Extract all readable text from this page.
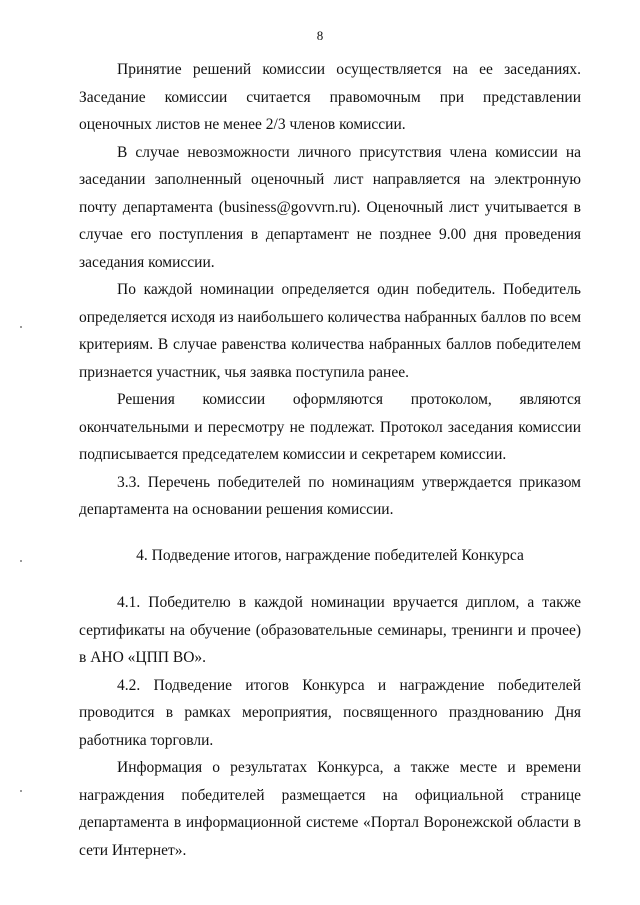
8

Принятие решений комиссии осуществляется на ее заседаниях. Заседание комиссии считается правомочным при представлении оценочных листов не менее 2/3 членов комиссии.

В случае невозможности личного присутствия члена комиссии на заседании заполненный оценочный лист направляется на электронную почту департамента (business@govvrn.ru). Оценочный лист учитывается в случае его поступления в департамент не позднее 9.00 дня проведения заседания комиссии.

По каждой номинации определяется один победитель. Победитель определяется исходя из наибольшего количества набранных баллов по всем критериям. В случае равенства количества набранных баллов победителем признается участник, чья заявка поступила ранее.

Решения комиссии оформляются протоколом, являются окончательными и пересмотру не подлежат. Протокол заседания комиссии подписывается председателем комиссии и секретарем комиссии.

3.3. Перечень победителей по номинациям утверждается приказом департамента на основании решения комиссии.

4. Подведение итогов, награждение победителей Конкурса

4.1. Победителю в каждой номинации вручается диплом, а также сертификаты на обучение (образовательные семинары, тренинги и прочее) в АНО «ЦПП ВО».

4.2. Подведение итогов Конкурса и награждение победителей проводится в рамках мероприятия, посвященного празднованию Дня работника торговли.

Информация о результатах Конкурса, а также месте и времени награждения победителей размещается на официальной странице департамента в информационной системе «Портал Воронежской области в сети Интернет».
